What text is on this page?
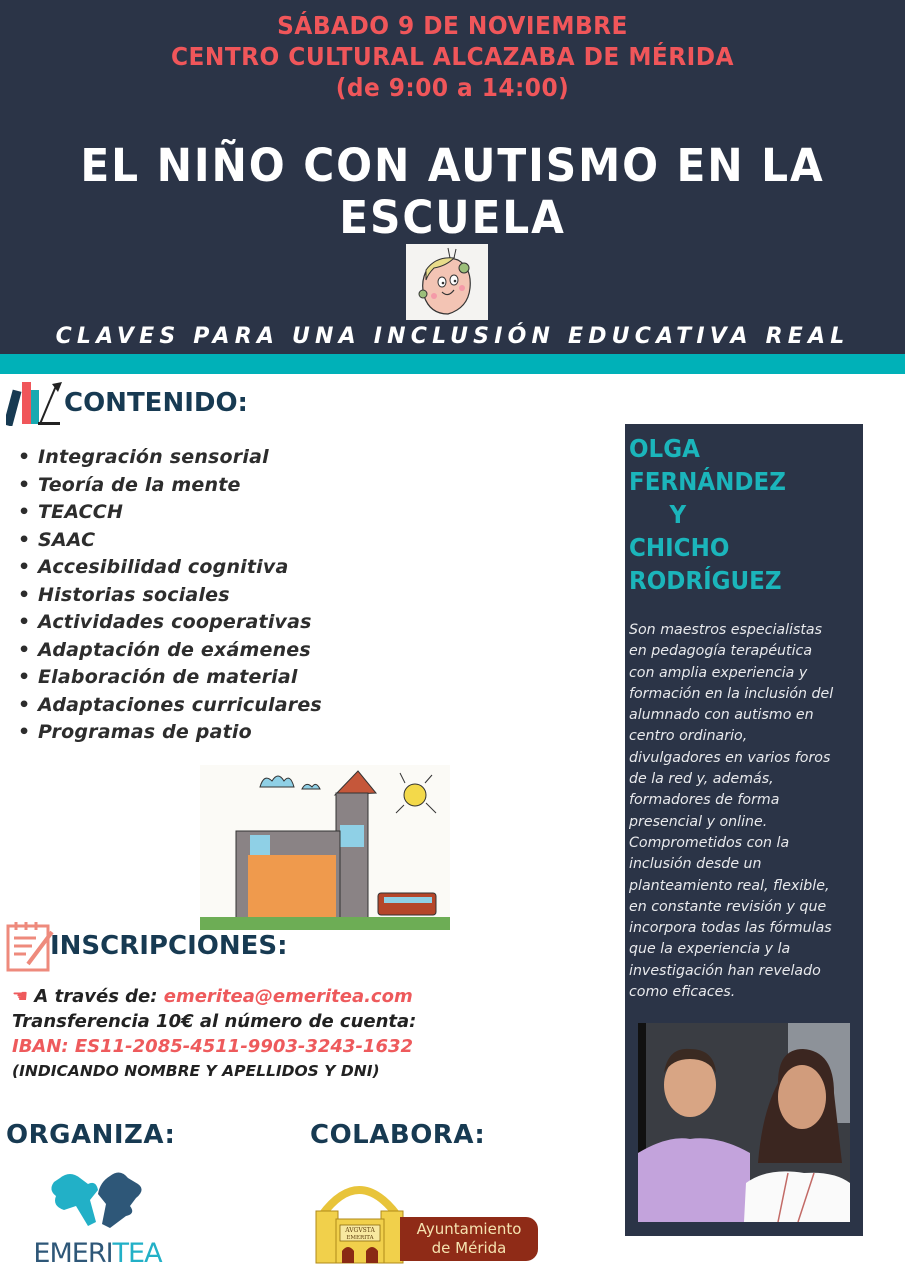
SÁBADO 9 DE NOVIEMBRE
CENTRO CULTURAL ALCAZABA DE MÉRIDA
(de 9:00 a 14:00)
EL NIÑO CON AUTISMO EN LA
ESCUELA
CLAVES PARA UNA INCLUSIÓN EDUCATIVA REAL
CONTENIDO:
• Integración sensorial
• Teoría de la mente
• TEACCH
• SAAC
• Accesibilidad cognitiva
• Historias sociales
• Actividades cooperativas
• Adaptación de exámenes
• Elaboración de material
• Adaptaciones curriculares
• Programas de patio
INSCRIPCIONES:
☚ A través de: emeritea@emeritea.com
Transferencia 10€ al número de cuenta:
IBAN: ES11-2085-4511-9903-3243-1632
(INDICANDO NOMBRE Y APELLIDOS Y DNI)
ORGANIZA:	COLABORA:
EMERITEA
AVGVSTA
EMERITA	Ayuntamiento
de Mérida
OLGA
FERNÁNDEZ
Y
CHICHO
RODRÍGUEZ
Son maestros especialistas
en pedagogía terapéutica
con amplia experiencia y
formación en la inclusión del
alumnado con autismo en
centro ordinario,
divulgadores en varios foros
de la red y, además,
formadores de forma
presencial y online.
Comprometidos con la
inclusión desde un
planteamiento real, flexible,
en constante revisión y que
incorpora todas las fórmulas
que la experiencia y la
investigación han revelado
como eficaces.
